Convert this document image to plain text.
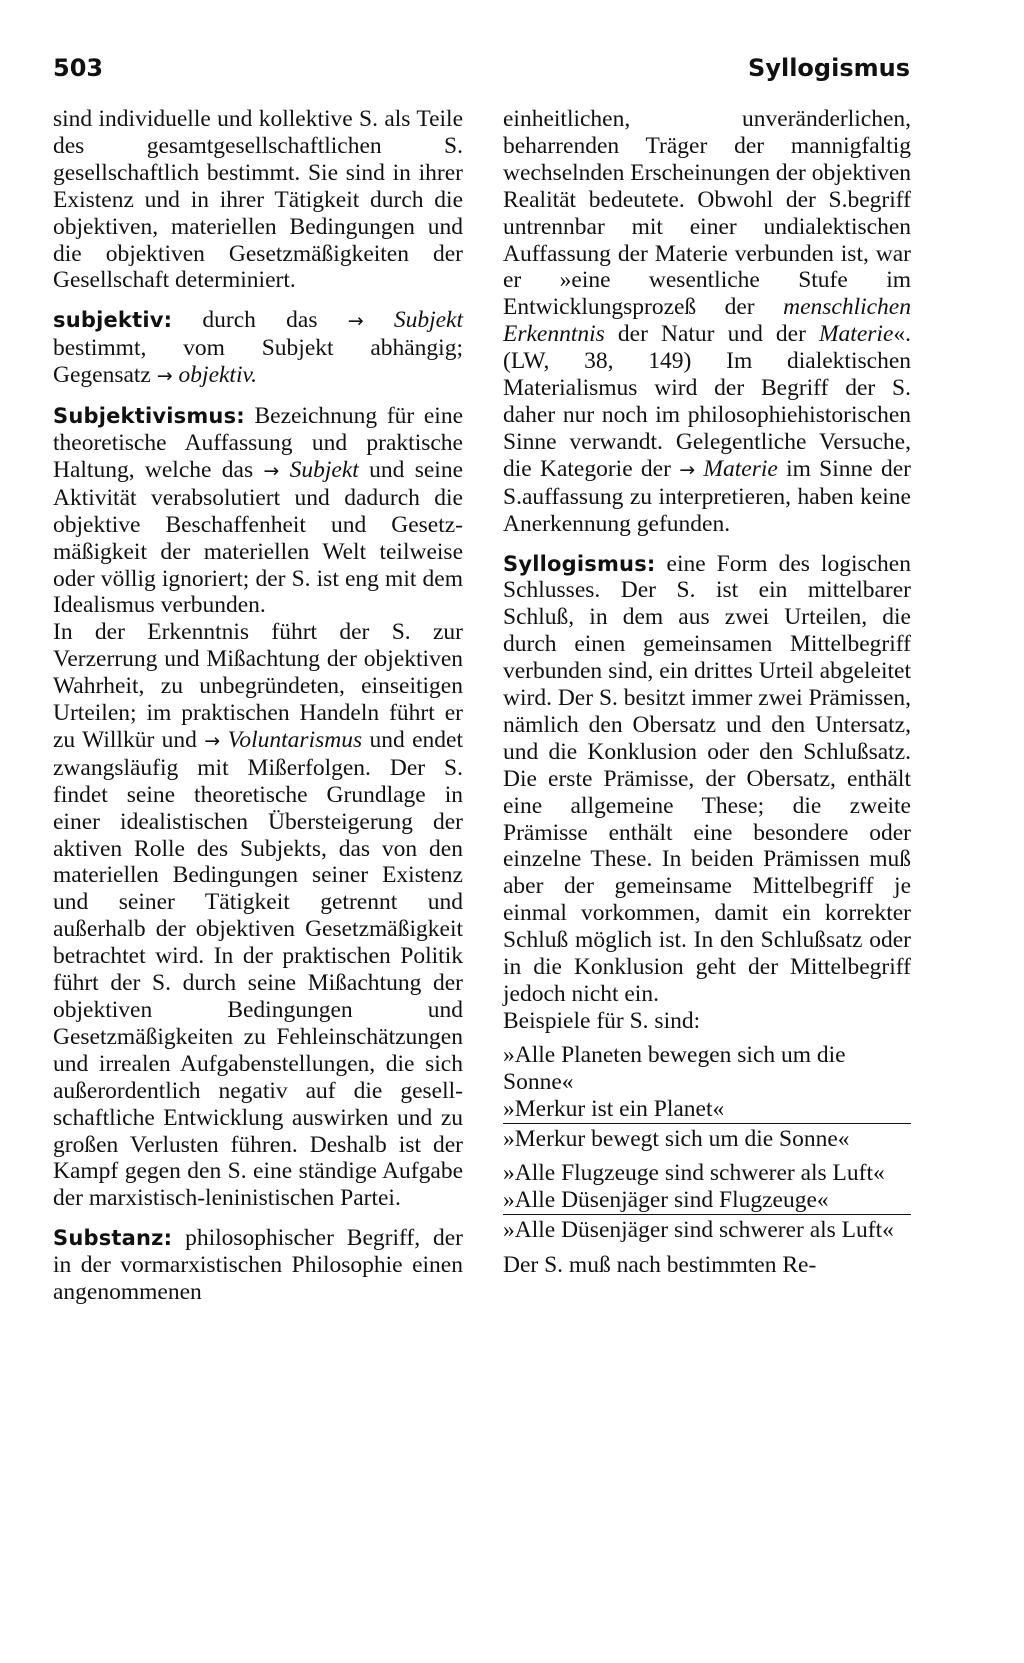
503	Syllogismus

sind individuelle und kollektive S. als Teile des gesamtgesellschaftlichen S. gesellschaftlich bestimmt. Sie sind in ihrer Existenz und in ihrer Tätigkeit durch die objektiven, materiellen Bedingungen und die objektiven Gesetzmäßigkeiten der Gesellschaft determiniert.

subjektiv: durch das → Subjekt bestimmt, vom Subjekt abhängig; Gegensatz → objektiv.

Subjektivismus: Bezeichnung für eine theoretische Auffassung und praktische Haltung, welche das → Subjekt und seine Aktivität verabsolutiert und dadurch die objektive Beschaffenheit und Gesetzmäßigkeit der materiellen Welt teilweise oder völlig ignoriert; der S. ist eng mit dem Idealismus verbunden.

In der Erkenntnis führt der S. zur Verzerrung und Mißachtung der objektiven Wahrheit, zu unbegründeten, einseitigen Urteilen; im praktischen Handeln führt er zu Willkür und → Voluntarismus und endet zwangsläufig mit Mißerfolgen. Der S. findet seine theoretische Grundlage in einer idealistischen Übersteigerung der aktiven Rolle des Subjekts, das von den materiellen Bedingungen seiner Existenz und seiner Tätigkeit getrennt und außerhalb der objektiven Gesetzmäßigkeit betrachtet wird. In der praktischen Politik führt der S. durch seine Mißachtung der objektiven Bedingungen und Gesetzmäßigkeiten zu Fehleinschätzungen und irrealen Aufgabenstellungen, die sich außerordentlich negativ auf die gesellschaftliche Entwicklung auswirken und zu großen Verlusten führen. Deshalb ist der Kampf gegen den S. eine ständige Aufgabe der marxistisch-leninistischen Partei.

Substanz: philosophischer Begriff, der in der vormarxistischen Philosophie einen angenommenen

einheitlichen, unveränderlichen, beharrenden Träger der mannigfaltig wechselnden Erscheinungen der objektiven Realität bedeutete. Obwohl der S.begriff untrennbar mit einer undialektischen Auffassung der Materie verbunden ist, war er »eine wesentliche Stufe im Entwicklungsprozeß der menschlichen Erkenntnis der Natur und der Materie«. (LW, 38, 149) Im dialektischen Materialismus wird der Begriff der S. daher nur noch im philosophiehistorischen Sinne verwandt. Gelegentliche Versuche, die Kategorie der → Materie im Sinne der S.auffassung zu interpretieren, haben keine Anerkennung gefunden.

Syllogismus: eine Form des logischen Schlusses. Der S. ist ein mittelbarer Schluß, in dem aus zwei Urteilen, die durch einen gemeinsamen Mittelbegriff verbunden sind, ein drittes Urteil abgeleitet wird. Der S. besitzt immer zwei Prämissen, nämlich den Obersatz und den Untersatz, und die Konklusion oder den Schlußsatz. Die erste Prämisse, der Obersatz, enthält eine allgemeine These; die zweite Prämisse enthält eine besondere oder einzelne These. In beiden Prämissen muß aber der gemeinsame Mittelbegriff je einmal vorkommen, damit ein korrekter Schluß möglich ist. In den Schlußsatz oder in die Konklusion geht der Mittelbegriff jedoch nicht ein.

Beispiele für S. sind:

»Alle Planeten bewegen sich um die Sonne«
»Merkur ist ein Planet«
»Merkur bewegt sich um die Sonne«
»Alle Flugzeuge sind schwerer als Luft«
»Alle Düsenjäger sind Flugzeuge«
»Alle Düsenjäger sind schwerer als Luft«

Der S. muß nach bestimmten Re-
